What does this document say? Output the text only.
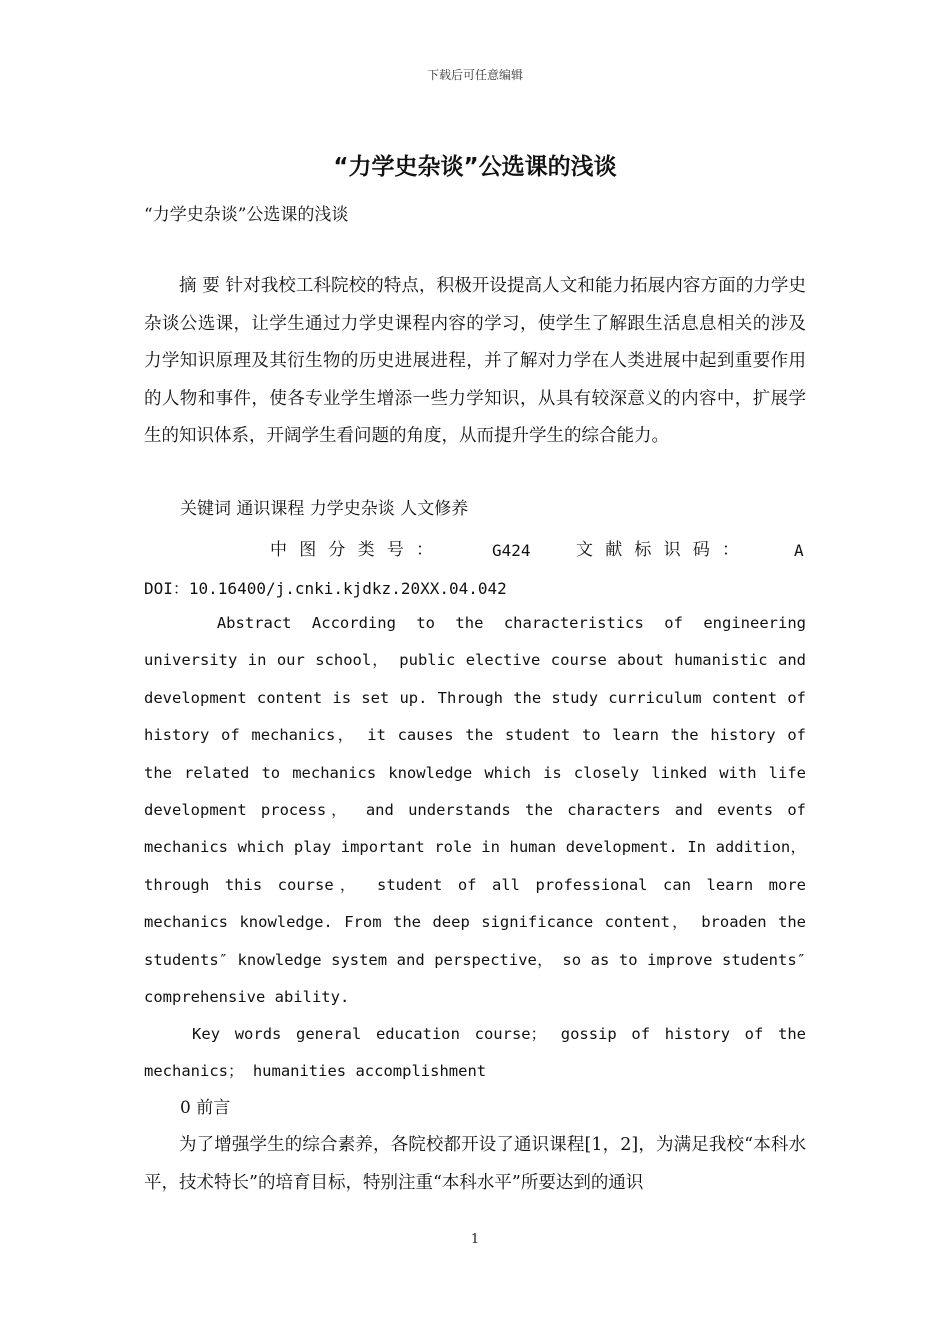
下载后可任意编辑
“力学史杂谈”公选课的浅谈

“力学史杂谈”公选课的浅谈

摘 要 针对我校工科院校的特点，积极开设提高人文和能力拓展内容方面的力学史杂谈公选课，让学生通过力学史课程内容的学习，使学生了解跟生活息息相关的涉及力学知识原理及其衍生物的历史进展进程，并了解对力学在人类进展中起到重要作用的人物和事件，使各专业学生增添一些力学知识，从具有较深意义的内容中，扩展学生的知识体系，开阔学生看问题的角度，从而提升学生的综合能力。

关键词 通识课程 力学史杂谈 人文修养

中 图 分 类 号 ：	G424	文 献 标 识 码 ：	A

DOI：10.16400/j.cnki.kjdkz.20XX.04.042

Abstract According to the characteristics of engineering university in our school， public elective course about humanistic and development content is set up. Through the study curriculum content of history of mechanics， it causes the student to learn the history of the related to mechanics knowledge which is closely linked with life development process， and understands the characters and events of mechanics which play important role in human development. In addition， through this course， student of all professional can learn more mechanics knowledge. From the deep significance content， broaden the students″ knowledge system and perspective， so as to improve students″ comprehensive ability.

Key words general education course； gossip of history of the mechanics； humanities accomplishment

0 前言

为了增强学生的综合素养，各院校都开设了通识课程[1，2]，为满足我校“本科水平，技术特长”的培育目标，特别注重“本科水平”所要达到的通识

1
